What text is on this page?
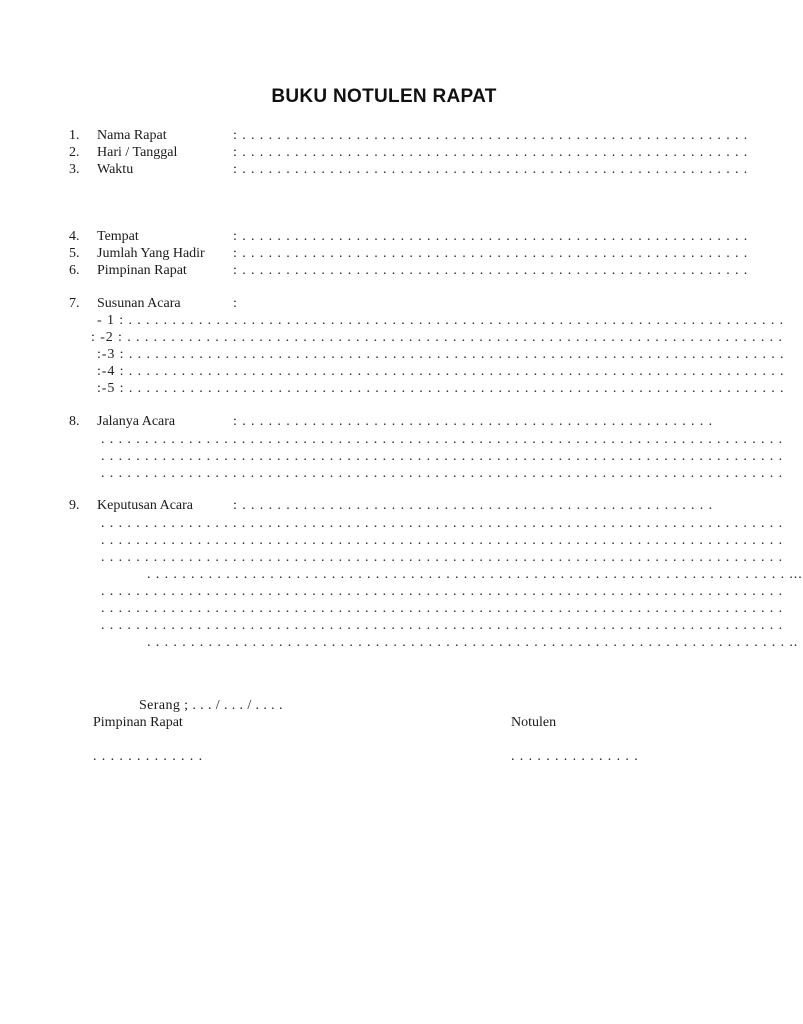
BUKU NOTULEN RAPAT
1. Nama Rapat	: . . . . . . . . . . . . . . . . . . . . . . . . . . . . . . . . . . . . . . . . . . . . . . . . . . . . . . . . . .
2. Hari / Tanggal	: . . . . . . . . . . . . . . . . . . . . . . . . . . . . . . . . . . . . . . . . . . . . . . . . . . . . . . . . . .
3. Waktu	: . . . . . . . . . . . . . . . . . . . . . . . . . . . . . . . . . . . . . . . . . . . . . . . . . . . . . . . . . .
4. Tempat	: . . . . . . . . . . . . . . . . . . . . . . . . . . . . . . . . . . . . . . . . . . . . . . . . . . . . . . . . . .
5. Jumlah Yang Hadir : . . . . . . . . . . . . . . . . . . . . . . . . . . . . . . . . . . . . . . . . . . . . . . . . . . . . . . . . . .
6. Pimpinan Rapat	: . . . . . . . . . . . . . . . . . . . . . . . . . . . . . . . . . . . . . . . . . . . . . . . . . . . . . . . . . .
7. Susunan Acara	:
- 1 : . . . . . . . . . . . . . . . . . . . . . . . . . . . . . . . . . . . . . . . . . . . . . . . . . . . . . . . . . . . . . . . . . . . . . . . . . . .
: -2 : . . . . . . . . . . . . . . . . . . . . . . . . . . . . . . . . . . . . . . . . . . . . . . . . . . . . . . . . . . . . . . . . . . . . . . . . . . .
:-3 : . . . . . . . . . . . . . . . . . . . . . . . . . . . . . . . . . . . . . . . . . . . . . . . . . . . . . . . . . . . . . . . . . . . . . . . . . . .
:-4 : . . . . . . . . . . . . . . . . . . . . . . . . . . . . . . . . . . . . . . . . . . . . . . . . . . . . . . . . . . . . . . . . . . . . . . . . . . .
:-5 : . . . . . . . . . . . . . . . . . . . . . . . . . . . . . . . . . . . . . . . . . . . . . . . . . . . . . . . . . . . . . . . . . . . . . . . . . . .
8. Jalanya Acara	: . . . . . . . . . . . . . . . . . . . . . . . . . . . . . . . . . . . . . . . . . . . . . . . . . . . . . .
. . . . . . . . . . . . . . . . . . . . . . . . . . . . . . . . . . . . . . . . . . . . . . . . . . . . . . . . . . . . . . . . . . . . . . . . . . . . . .
. . . . . . . . . . . . . . . . . . . . . . . . . . . . . . . . . . . . . . . . . . . . . . . . . . . . . . . . . . . . . . . . . . . . . . . . . . . . . .
. . . . . . . . . . . . . . . . . . . . . . . . . . . . . . . . . . . . . . . . . . . . . . . . . . . . . . . . . . . . . . . . . . . . . . . . . . . . . .
9. Keputusan Acara	: . . . . . . . . . . . . . . . . . . . . . . . . . . . . . . . . . . . . . . . . . . . . . . . . . . . . . .
. . . . . . . . . . . . . . . . . . . . . . . . . . . . . . . . . . . . . . . . . . . . . . . . . . . . . . . . . . . . . . . . . . . . . . . . . . . . . .
. . . . . . . . . . . . . . . . . . . . . . . . . . . . . . . . . . . . . . . . . . . . . . . . . . . . . . . . . . . . . . . . . . . . . . . . . . . . . .
. . . . . . . . . . . . . . . . . . . . . . . . . . . . . . . . . . . . . . . . . . . . . . . . . . . . . . . . . . . . . . . . . . . . . . . . . . . . . .
. . . . . . . . . . . . . . . . . . . . . . . . . . . . . . . . . . . . . . . . . . . . . . . . . . . . . . . . . . . . . . . . . . . . . . . . . ...
. . . . . . . . . . . . . . . . . . . . . . . . . . . . . . . . . . . . . . . . . . . . . . . . . . . . . . . . . . . . . . . . . . . . . . . . . . . . . .
. . . . . . . . . . . . . . . . . . . . . . . . . . . . . . . . . . . . . . . . . . . . . . . . . . . . . . . . . . . . . . . . . . . . . . . . . . . . . .
. . . . . . . . . . . . . . . . . . . . . . . . . . . . . . . . . . . . . . . . . . . . . . . . . . . . . . . . . . . . . . . . . . . . . . . . . . . . . .
. . . . . . . . . . . . . . . . . . . . . . . . . . . . . . . . . . . . . . . . . . . . . . . . . . . . . . . . . . . . . . . . . . . . . . . . . ..
Serang ; . . . / . . . / . . . .
Pimpinan Rapat	Notulen
. . . . . . . . . . . . .	. . . . . . . . . . . . . . .
